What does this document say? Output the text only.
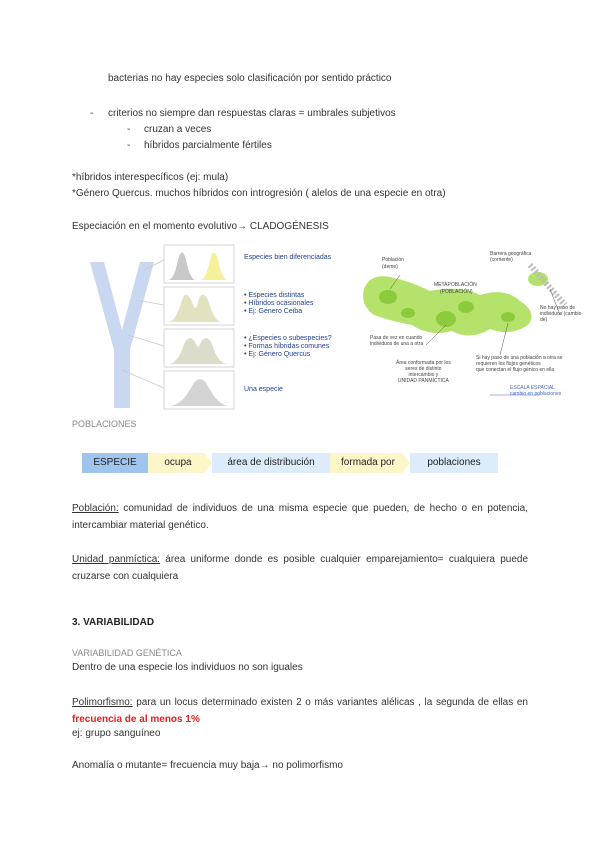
bacterias no hay especies solo clasificación por sentido práctico
- criterios no siempre dan respuestas claras = umbrales subjetivos
- cruzan a veces
- híbridos parcialmente fértiles
*híbridos interespecíficos (ej: mula)
*Género Quercus. muchos híbridos con introgresión ( alelos de una especie en otra)
Especiación en el momento evolutivo→ CLADOGÉNESIS
Especies bien diferenciadas
• Especies distintas
• Híbridos ocasionales
• Ej: Género Ceiba
• ¿Especies o subespecies?
• Formas híbridas comunes
• Ej: Género Quercus
Una especie
Población
(deme)
METAPOBLACIÓN
(POBLACIÓN)
Barrera geográfica
(corriente)
No hay paso de
individuos (cambio
de)
Pasa de vez en cuando
individuos de una a otra
Área conformada por los
seres de distinto
intercambio y
UNIDAD PANMÍCTICA
Si hay paso de una población a otra se
requieren los flujos genéticos
que conectan el flujo génico en ella
ESCALA ESPACIAL
cambio en poblaciones
POBLACIONES
ESPECIE	ocupa	área de distribución	formada por	poblaciones
Población: comunidad de individuos de una misma especie que pueden, de hecho o en potencia, intercambiar material genético.
Unidad panmíctica: área uniforme donde es posible cualquier emparejamiento= cualquiera puede cruzarse con cualquiera
3. VARIABILIDAD
VARIABILIDAD GENÉTICA
Dentro de una especie los individuos no son iguales
Polimorfismo: para un locus determinado existen 2 o más variantes alélicas , la segunda de ellas en frecuencia de al menos 1%
ej: grupo sanguíneo
Anomalía o mutante= frecuencia muy baja→ no polimorfismo
